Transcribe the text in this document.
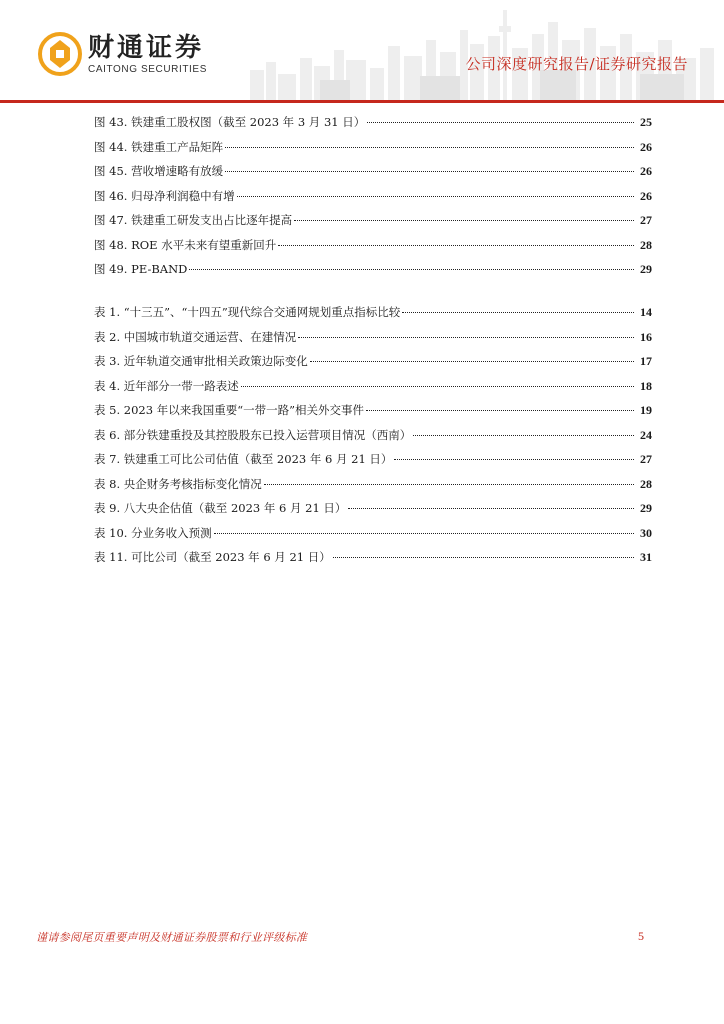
财通证券
CAITONG SECURITIES	公司深度研究报告/证券研究报告
图 43. 铁建重工股权图（截至 2023 年 3 月 31 日）	25
图 44. 铁建重工产品矩阵	26
图 45. 营收增速略有放缓	26
图 46. 归母净利润稳中有增	26
图 47. 铁建重工研发支出占比逐年提高	27
图 48. ROE 水平未来有望重新回升	28
图 49. PE-BAND	29
表 1. “十三五”、“十四五”现代综合交通网规划重点指标比较	14
表 2. 中国城市轨道交通运营、在建情况	16
表 3. 近年轨道交通审批相关政策边际变化	17
表 4. 近年部分一带一路表述	18
表 5. 2023 年以来我国重要“一带一路”相关外交事件	19
表 6. 部分铁建重投及其控股股东已投入运营项目情况（西南）	24
表 7. 铁建重工可比公司估值（截至 2023 年 6 月 21 日）	27
表 8. 央企财务考核指标变化情况	28
表 9. 八大央企估值（截至 2023 年 6 月 21 日）	29
表 10. 分业务收入预测	30
表 11. 可比公司（截至 2023 年 6 月 21 日）	31
谨请参阅尾页重要声明及财通证券股票和行业评级标准	5
